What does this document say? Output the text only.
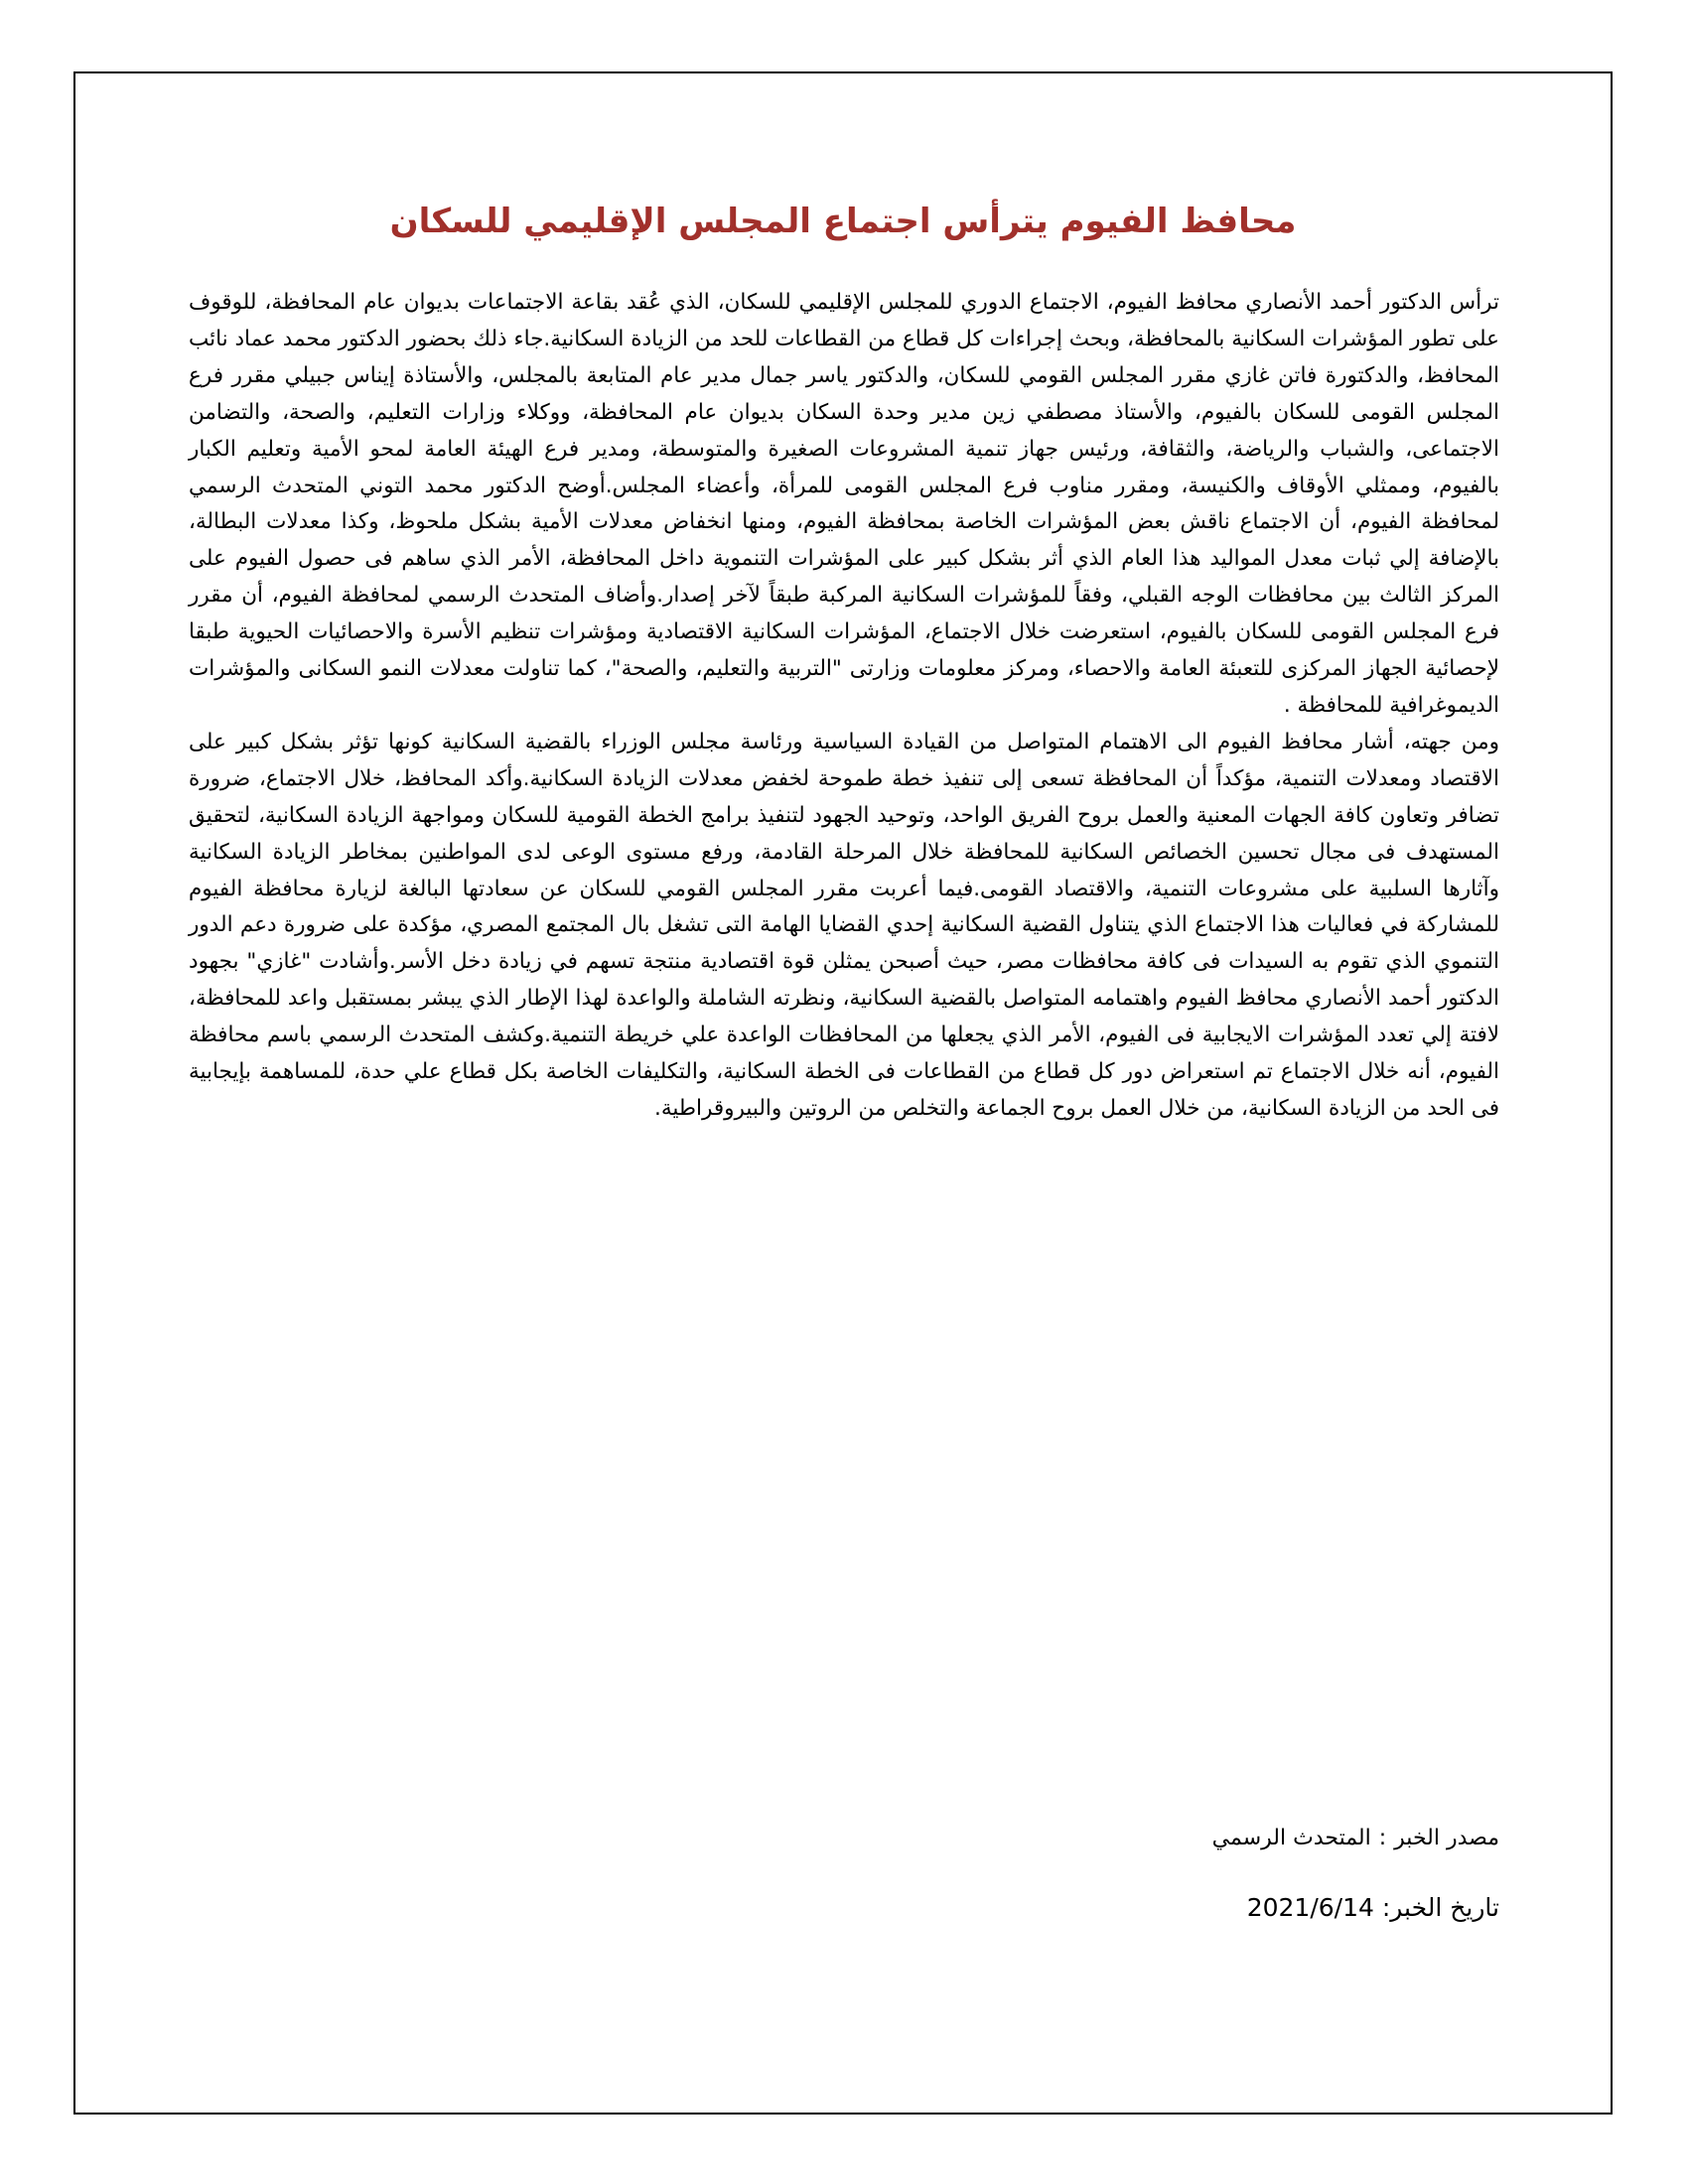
محافظ الفيوم يترأس اجتماع المجلس الإقليمي للسكان

ترأس الدكتور أحمد الأنصاري محافظ الفيوم، الاجتماع الدوري للمجلس الإقليمي للسكان، الذي عُقد بقاعة الاجتماعات بديوان عام المحافظة، للوقوف على تطور المؤشرات السكانية بالمحافظة، وبحث إجراءات كل قطاع من القطاعات للحد من الزيادة السكانية.جاء ذلك بحضور الدكتور محمد عماد نائب المحافظ، والدكتورة فاتن غازي مقرر المجلس القومي للسكان، والدكتور ياسر جمال مدير عام المتابعة بالمجلس، والأستاذة إيناس جبيلي مقرر فرع المجلس القومى للسكان بالفيوم، والأستاذ مصطفي زين مدير وحدة السكان بديوان عام المحافظة، ووكلاء وزارات التعليم، والصحة، والتضامن الاجتماعى، والشباب والرياضة، والثقافة، ورئيس جهاز تنمية المشروعات الصغيرة والمتوسطة، ومدير فرع الهيئة العامة لمحو الأمية وتعليم الكبار بالفيوم، وممثلي الأوقاف والكنيسة، ومقرر مناوب فرع المجلس القومى للمرأة، وأعضاء المجلس.أوضح الدكتور محمد التوني المتحدث الرسمي لمحافظة الفيوم، أن الاجتماع ناقش بعض المؤشرات الخاصة بمحافظة الفيوم، ومنها انخفاض معدلات الأمية بشكل ملحوظ، وكذا معدلات البطالة، بالإضافة إلي ثبات معدل المواليد هذا العام الذي أثر بشكل كبير على المؤشرات التنموية داخل المحافظة، الأمر الذي ساهم فى حصول الفيوم على المركز الثالث بين محافظات الوجه القبلي، وفقاً للمؤشرات السكانية المركبة طبقاً لآخر إصدار.وأضاف المتحدث الرسمي لمحافظة الفيوم، أن مقرر فرع المجلس القومى للسكان بالفيوم، استعرضت خلال الاجتماع، المؤشرات السكانية الاقتصادية ومؤشرات تنظيم الأسرة والاحصائيات الحيوية طبقا لإحصائية الجهاز المركزى للتعبئة العامة والاحصاء، ومركز معلومات وزارتى "التربية والتعليم، والصحة"، كما تناولت معدلات النمو السكانى والمؤشرات الديموغرافية للمحافظة .

ومن جهته، أشار محافظ الفيوم الى الاهتمام المتواصل من القيادة السياسية ورئاسة مجلس الوزراء بالقضية السكانية كونها تؤثر بشكل كبير على الاقتصاد ومعدلات التنمية، مؤكداً أن المحافظة تسعى إلى تنفيذ خطة طموحة لخفض معدلات الزيادة السكانية.وأكد المحافظ، خلال الاجتماع، ضرورة تضافر وتعاون كافة الجهات المعنية والعمل بروح الفريق الواحد، وتوحيد الجهود لتنفيذ برامج الخطة القومية للسكان ومواجهة الزيادة السكانية، لتحقيق المستهدف فى مجال تحسين الخصائص السكانية للمحافظة خلال المرحلة القادمة، ورفع مستوى الوعى لدى المواطنين بمخاطر الزيادة السكانية وآثارها السلبية على مشروعات التنمية، والاقتصاد القومى.فيما أعربت مقرر المجلس القومي للسكان عن سعادتها البالغة لزيارة محافظة الفيوم للمشاركة في فعاليات هذا الاجتماع الذي يتناول القضية السكانية إحدي القضايا الهامة التى تشغل بال المجتمع المصري، مؤكدة على ضرورة دعم الدور التنموي الذي تقوم به السيدات فى كافة محافظات مصر، حيث أصبحن يمثلن قوة اقتصادية منتجة تسهم في زيادة دخل الأسر.وأشادت "غازي" بجهود الدكتور أحمد الأنصاري محافظ الفيوم واهتمامه المتواصل بالقضية السكانية، ونظرته الشاملة والواعدة لهذا الإطار الذي يبشر بمستقبل واعد للمحافظة، لافتة إلي تعدد المؤشرات الايجابية فى الفيوم، الأمر الذي يجعلها من المحافظات الواعدة علي خريطة التنمية.وكشف المتحدث الرسمي باسم محافظة الفيوم، أنه خلال الاجتماع تم استعراض دور كل قطاع من القطاعات فى الخطة السكانية، والتكليفات الخاصة بكل قطاع علي حدة، للمساهمة بإيجابية فى الحد من الزيادة السكانية، من خلال العمل بروح الجماعة والتخلص من الروتين والبيروقراطية.

مصدر الخبر:المتحدث الرسمي
تاريخ الخبر: 2021/6/14
